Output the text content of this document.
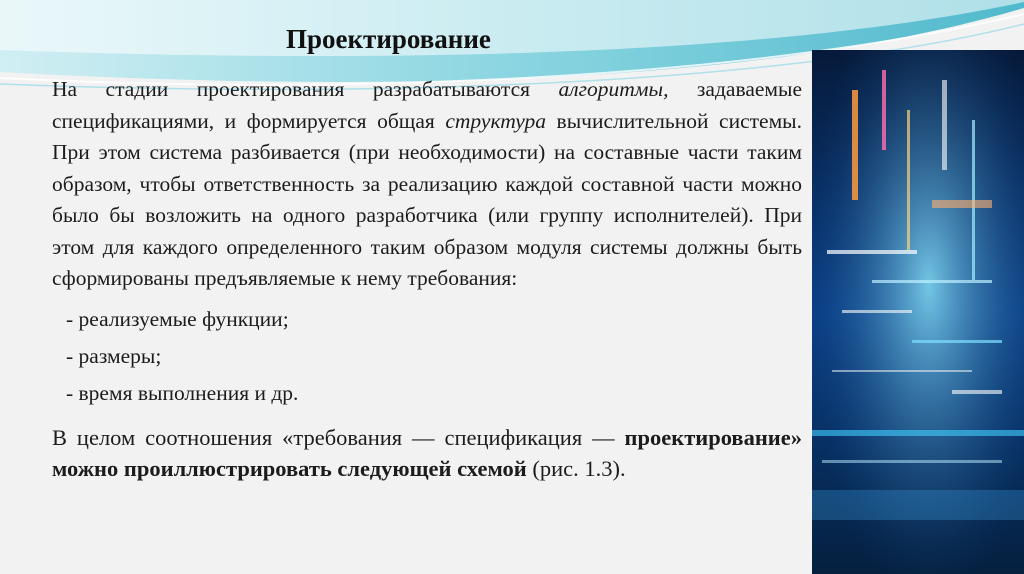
Проектирование

На стадии проектирования разрабатываются алгоритмы, задаваемые спецификациями, и формируется общая структура вычислительной системы. При этом система разбивается (при необходимости) на составные части таким образом, чтобы ответственность за реализацию каждой составной части можно было бы возложить на одного разработчика (или группу исполнителей). При этом для каждого определенного таким образом модуля системы должны быть сформированы предъявляемые к нему требования:

- реализуемые функции;
- размеры;
- время выполнения и др.

В целом соотношения «требования — спецификация — проектирование» можно проиллюстрировать следующей схемой (рис. 1.3).
